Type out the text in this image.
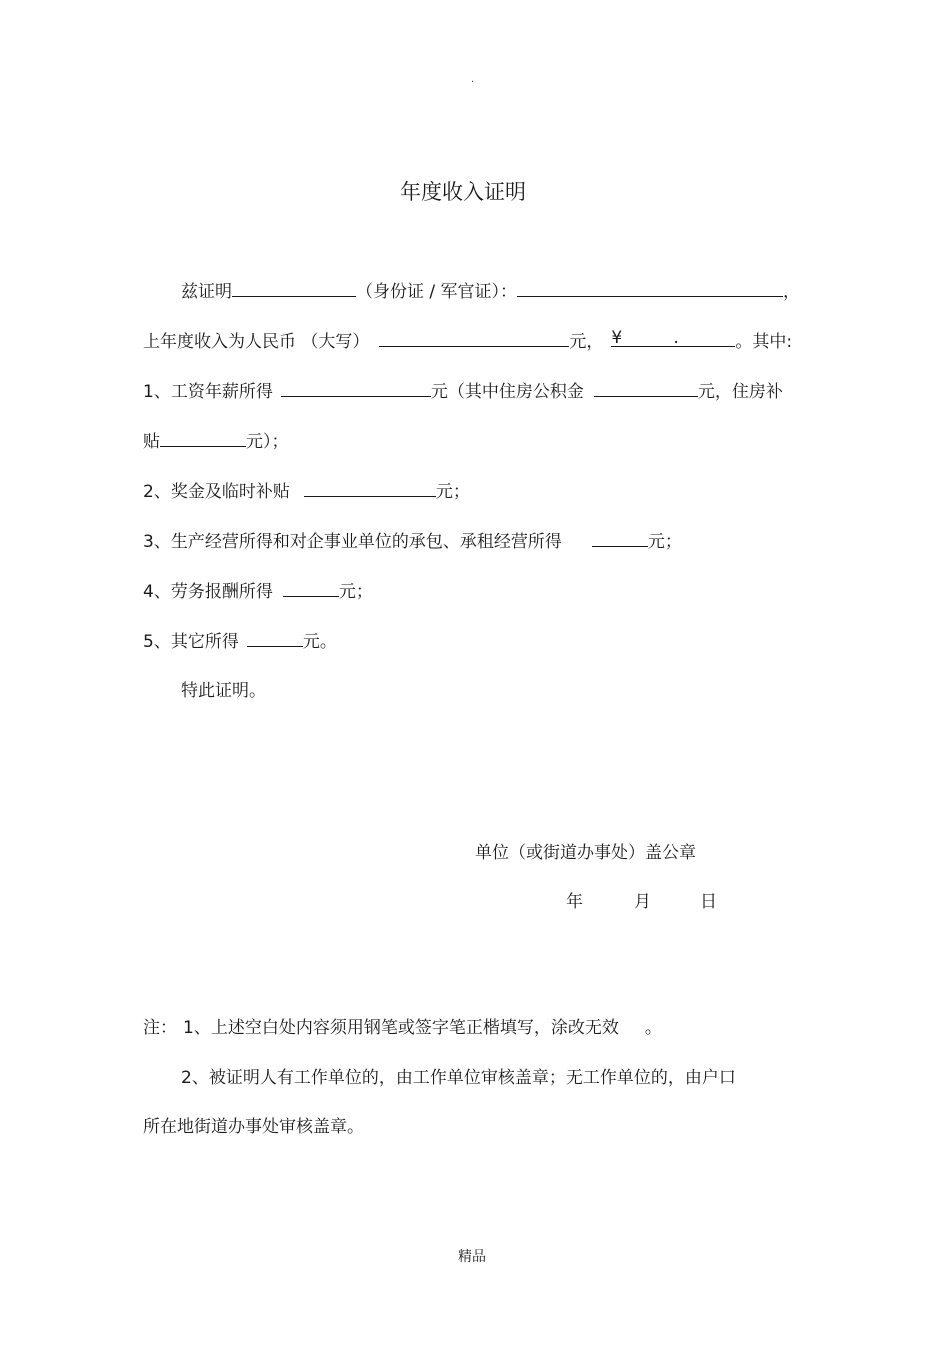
.
年度收入证明
兹证明	（身份证 / 军官证）：	，
上年度收入为人民币 （大写）	元， ¥	.	。其中:
1、工资年薪所得	元（其中住房公积金	元，住房补
贴	元）；
2、奖金及临时补贴	元；
3、生产经营所得和对企事业单位的承包、承租经营所得	元；
4、劳务报酬所得	元；
5、其它所得	元。
特此证明。
单位（或街道办事处）盖公章
年	月	日
注： 1、上述空白处内容须用钢笔或签字笔正楷填写，涂改无效 。
2、被证明人有工作单位的，由工作单位审核盖章；无工作单位的，由户口
所在地街道办事处审核盖章。
精品
